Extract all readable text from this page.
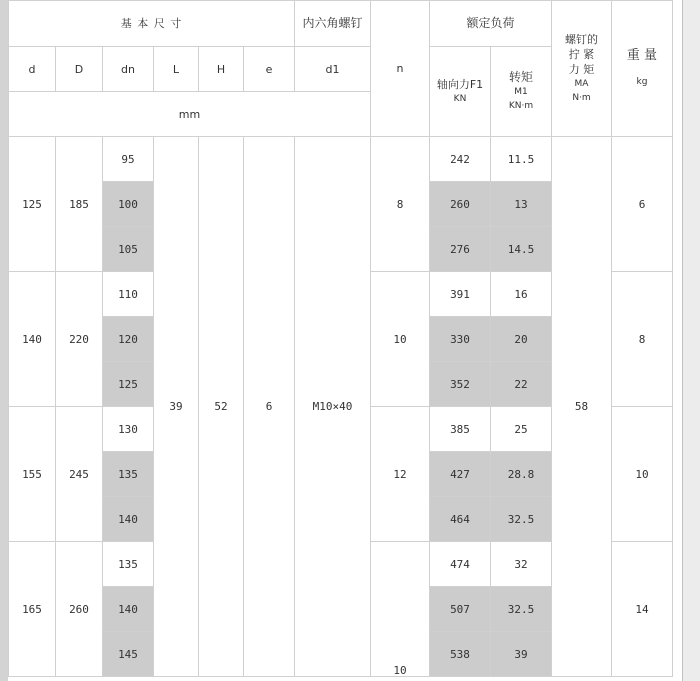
基 本 尺 寸						内六角螺钉	n	额定负荷		螺钉的
拧 紧
力 矩
MA
N·m	重 量
kg

d	D	dn	L	H	e	d1		轴向力F1
KN	转矩
M1
KN·m		

mm											
125	185	95	39	52	6	M10×40	8	242	11.5	58	6
		100						260	13		
		105						276	14.5		
140	220	110					10	391	16		8
		120						330	20		
		125						352	22		
155	245	130					12	385	25		10
		135						427	28.8		
		140						464	32.5		
165	260	135					10	474	32		14
		140						507	32.5		
		145						538	39		
